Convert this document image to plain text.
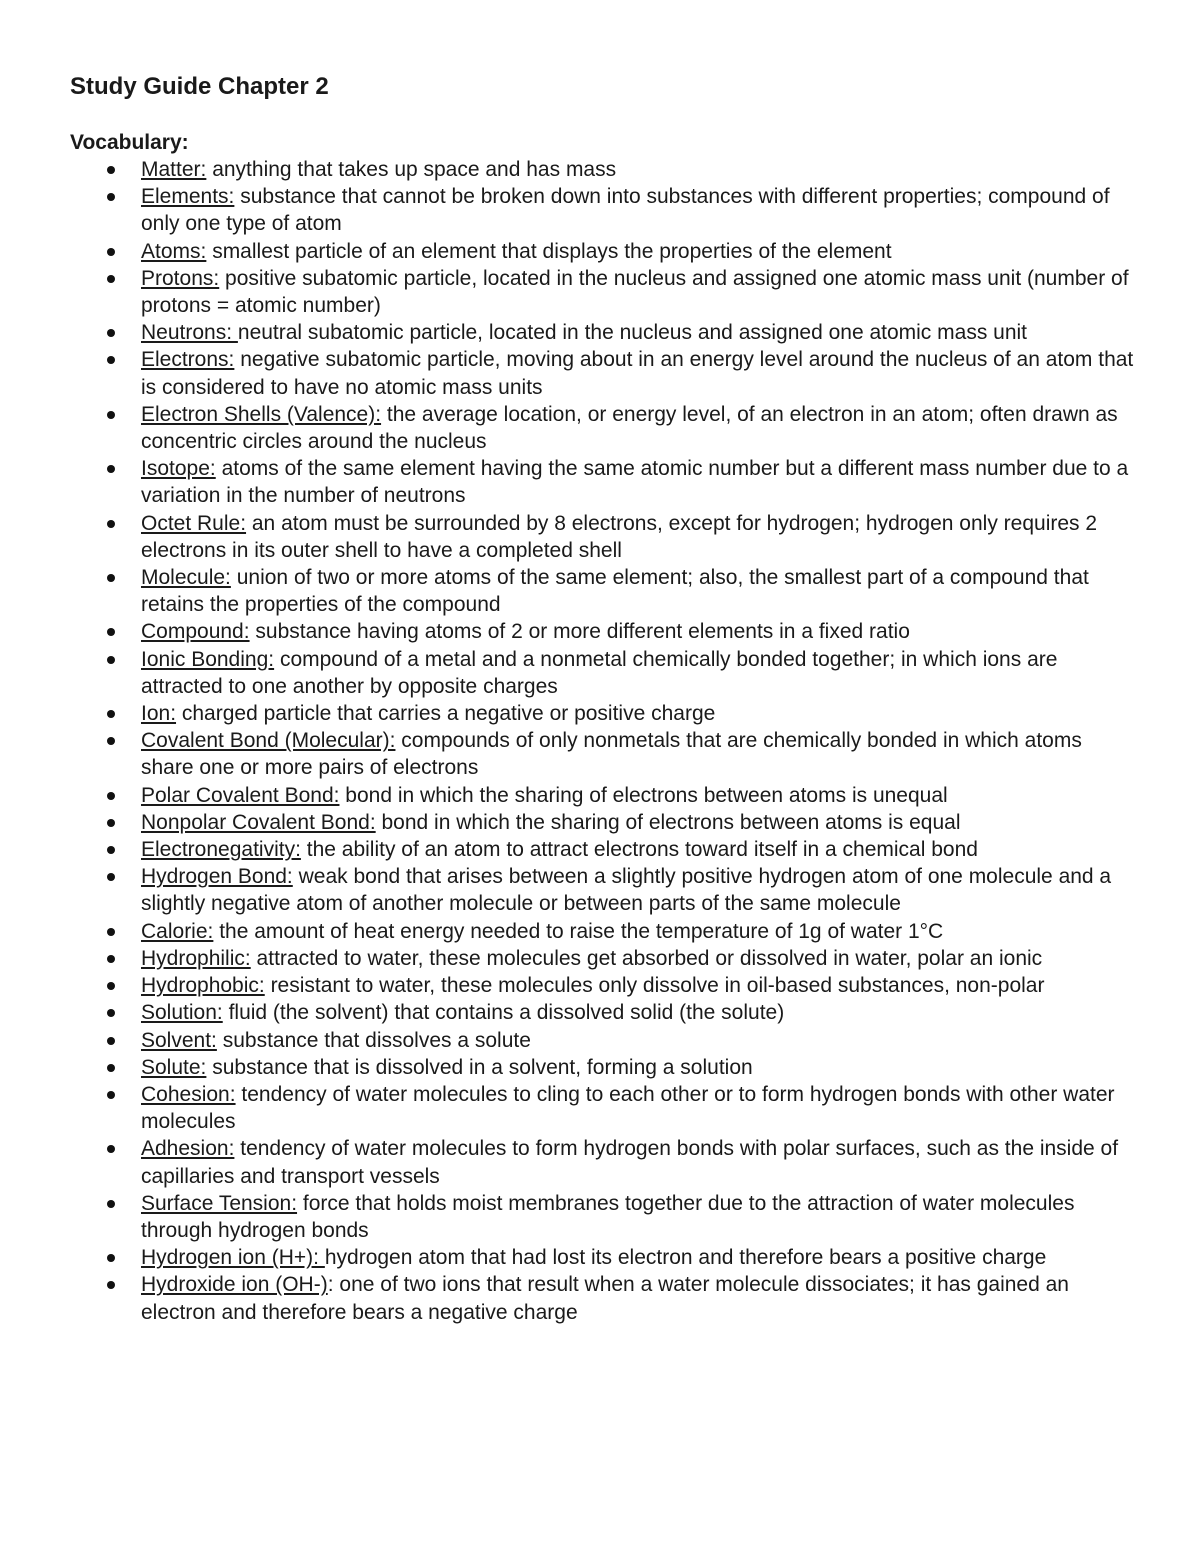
Study Guide Chapter 2
Vocabulary:
Matter: anything that takes up space and has mass
Elements: substance that cannot be broken down into substances with different properties; compound of only one type of atom
Atoms: smallest particle of an element that displays the properties of the element
Protons: positive subatomic particle, located in the nucleus and assigned one atomic mass unit (number of protons = atomic number)
Neutrons: neutral subatomic particle, located in the nucleus and assigned one atomic mass unit
Electrons: negative subatomic particle, moving about in an energy level around the nucleus of an atom that is considered to have no atomic mass units
Electron Shells (Valence): the average location, or energy level, of an electron in an atom; often drawn as concentric circles around the nucleus
Isotope: atoms of the same element having the same atomic number but a different mass number due to a variation in the number of neutrons
Octet Rule: an atom must be surrounded by 8 electrons, except for hydrogen; hydrogen only requires 2 electrons in its outer shell to have a completed shell
Molecule: union of two or more atoms of the same element; also, the smallest part of a compound that retains the properties of the compound
Compound: substance having atoms of 2 or more different elements in a fixed ratio
Ionic Bonding: compound of a metal and a nonmetal chemically bonded together; in which ions are attracted to one another by opposite charges
Ion: charged particle that carries a negative or positive charge
Covalent Bond (Molecular): compounds of only nonmetals that are chemically bonded in which atoms share one or more pairs of electrons
Polar Covalent Bond: bond in which the sharing of electrons between atoms is unequal
Nonpolar Covalent Bond: bond in which the sharing of electrons between atoms is equal
Electronegativity: the ability of an atom to attract electrons toward itself in a chemical bond
Hydrogen Bond: weak bond that arises between a slightly positive hydrogen atom of one molecule and a slightly negative atom of another molecule or between parts of the same molecule
Calorie: the amount of heat energy needed to raise the temperature of 1g of water 1°C
Hydrophilic: attracted to water, these molecules get absorbed or dissolved in water, polar an ionic
Hydrophobic: resistant to water, these molecules only dissolve in oil-based substances, non-polar
Solution: fluid (the solvent) that contains a dissolved solid (the solute)
Solvent: substance that dissolves a solute
Solute: substance that is dissolved in a solvent, forming a solution
Cohesion: tendency of water molecules to cling to each other or to form hydrogen bonds with other water molecules
Adhesion: tendency of water molecules to form hydrogen bonds with polar surfaces, such as the inside of capillaries and transport vessels
Surface Tension: force that holds moist membranes together due to the attraction of water molecules through hydrogen bonds
Hydrogen ion (H+): hydrogen atom that had lost its electron and therefore bears a positive charge
Hydroxide ion (OH-): one of two ions that result when a water molecule dissociates; it has gained an electron and therefore bears a negative charge
